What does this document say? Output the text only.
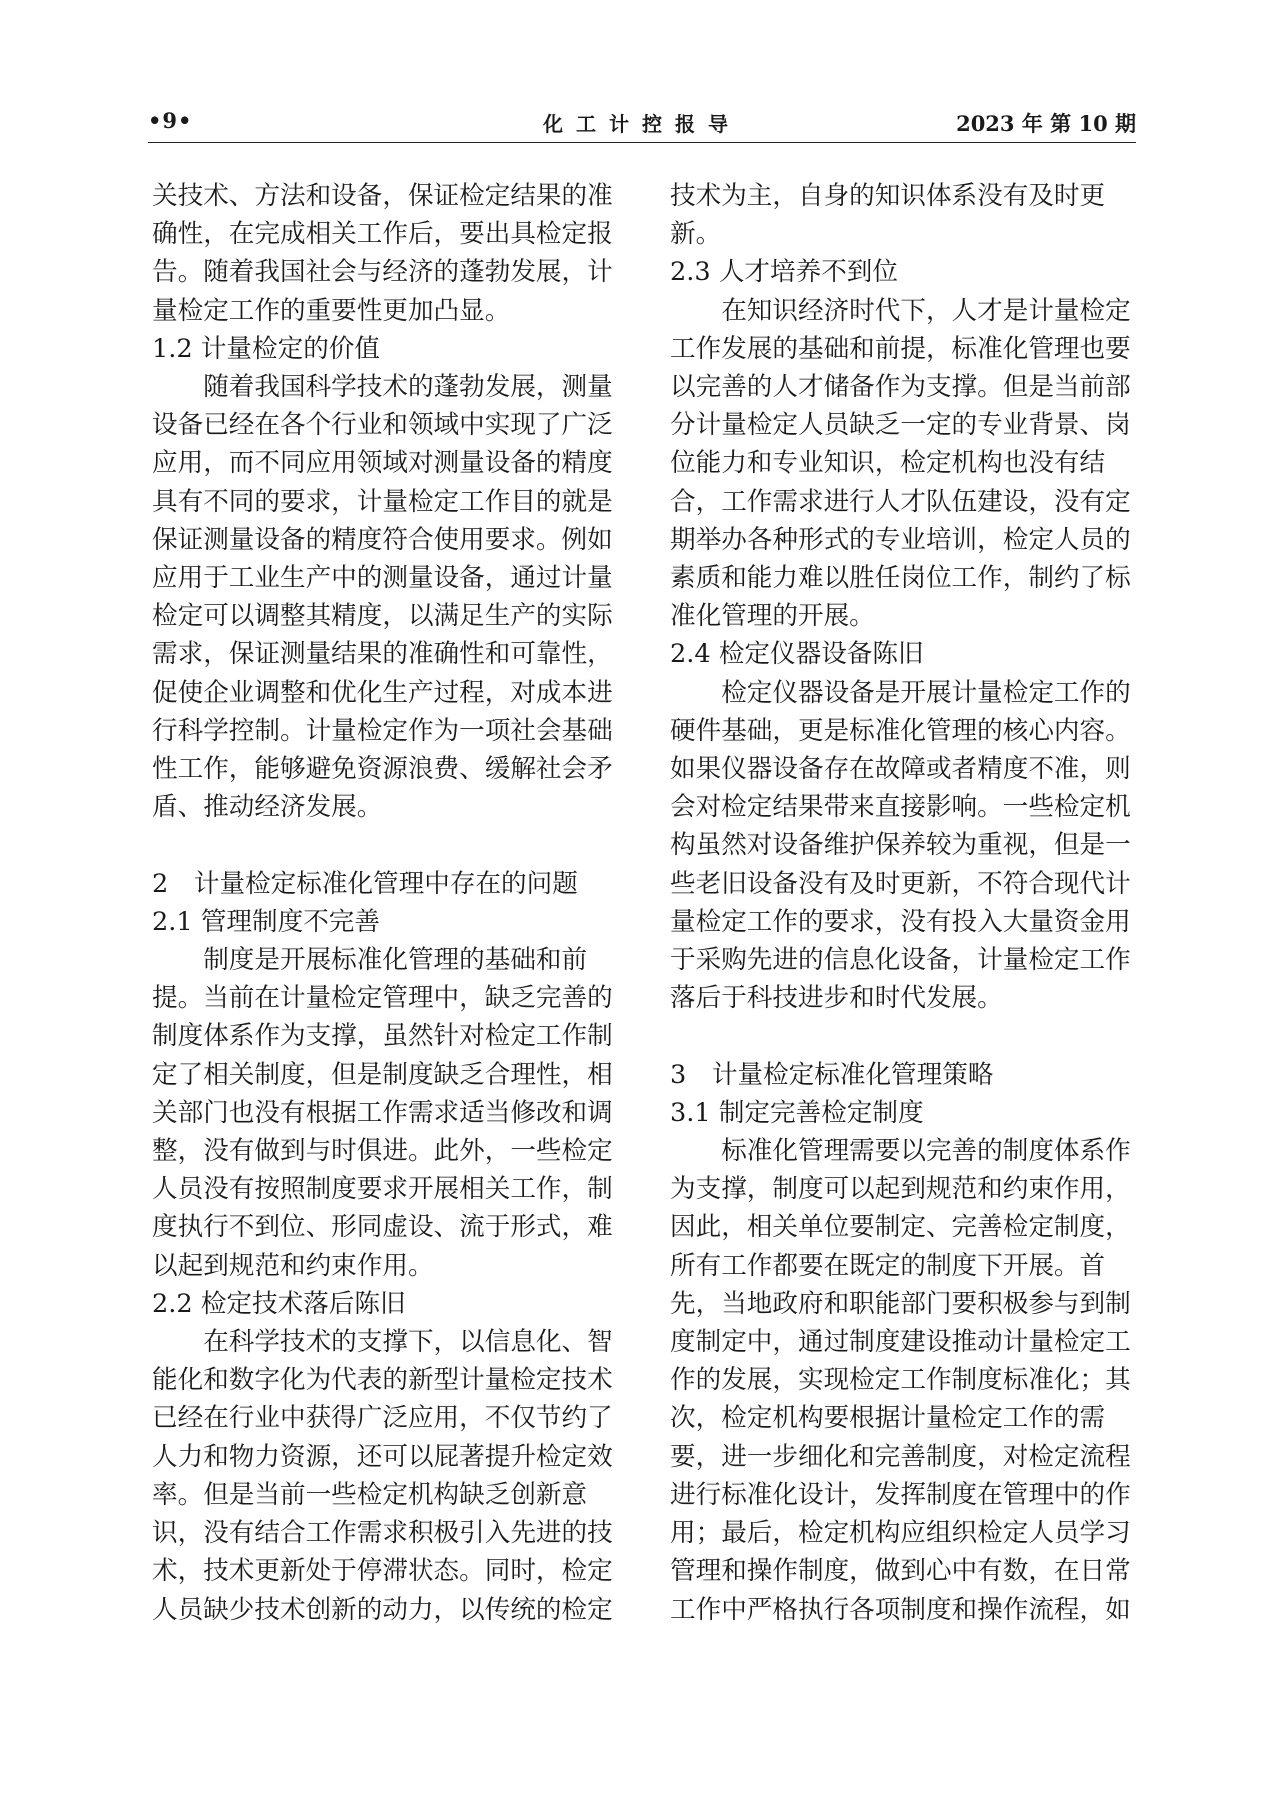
•9•	化工计控报导	2023 年 第 10 期

关技术、方法和设备，保证检定结果的准确性，在完成相关工作后，要出具检定报告。随着我国社会与经济的蓬勃发展，计量检定工作的重要性更加凸显。

1.2 计量检定的价值

随着我国科学技术的蓬勃发展，测量设备已经在各个行业和领域中实现了广泛应用，而不同应用领域对测量设备的精度具有不同的要求，计量检定工作目的就是保证测量设备的精度符合使用要求。例如应用于工业生产中的测量设备，通过计量检定可以调整其精度，以满足生产的实际需求，保证测量结果的准确性和可靠性，促使企业调整和优化生产过程，对成本进行科学控制。计量检定作为一项社会基础性工作，能够避免资源浪费、缓解社会矛盾、推动经济发展。

2　计量检定标准化管理中存在的问题

2.1 管理制度不完善

制度是开展标准化管理的基础和前提。当前在计量检定管理中，缺乏完善的制度体系作为支撑，虽然针对检定工作制定了相关制度，但是制度缺乏合理性，相关部门也没有根据工作需求适当修改和调整，没有做到与时俱进。此外，一些检定人员没有按照制度要求开展相关工作，制度执行不到位、形同虚设、流于形式，难以起到规范和约束作用。

2.2 检定技术落后陈旧

在科学技术的支撑下，以信息化、智能化和数字化为代表的新型计量检定技术已经在行业中获得广泛应用，不仅节约了人力和物力资源，还可以屁著提升检定效率。但是当前一些检定机构缺乏创新意识，没有结合工作需求积极引入先进的技术，技术更新处于停滞状态。同时，检定人员缺少技术创新的动力，以传统的检定

技术为主，自身的知识体系没有及时更新。

2.3 人才培养不到位

在知识经济时代下，人才是计量检定工作发展的基础和前提，标准化管理也要以完善的人才储备作为支撑。但是当前部分计量检定人员缺乏一定的专业背景、岗位能力和专业知识，检定机构也没有结合，工作需求进行人才队伍建设，没有定期举办各种形式的专业培训，检定人员的素质和能力难以胜任岗位工作，制约了标准化管理的开展。

2.4 检定仪器设备陈旧

检定仪器设备是开展计量检定工作的硬件基础，更是标准化管理的核心内容。如果仪器设备存在故障或者精度不准，则会对检定结果带来直接影响。一些检定机构虽然对设备维护保养较为重视，但是一些老旧设备没有及时更新，不符合现代计量检定工作的要求，没有投入大量资金用于采购先进的信息化设备，计量检定工作落后于科技进步和时代发展。

3　计量检定标准化管理策略

3.1 制定完善检定制度

标准化管理需要以完善的制度体系作为支撑，制度可以起到规范和约束作用，因此，相关单位要制定、完善检定制度，所有工作都要在既定的制度下开展。首先，当地政府和职能部门要积极参与到制度制定中，通过制度建设推动计量检定工作的发展，实现检定工作制度标准化；其次，检定机构要根据计量检定工作的需要，进一步细化和完善制度，对检定流程进行标准化设计，发挥制度在管理中的作用；最后，检定机构应组织检定人员学习管理和操作制度，做到心中有数，在日常工作中严格执行各项制度和操作流程，如
